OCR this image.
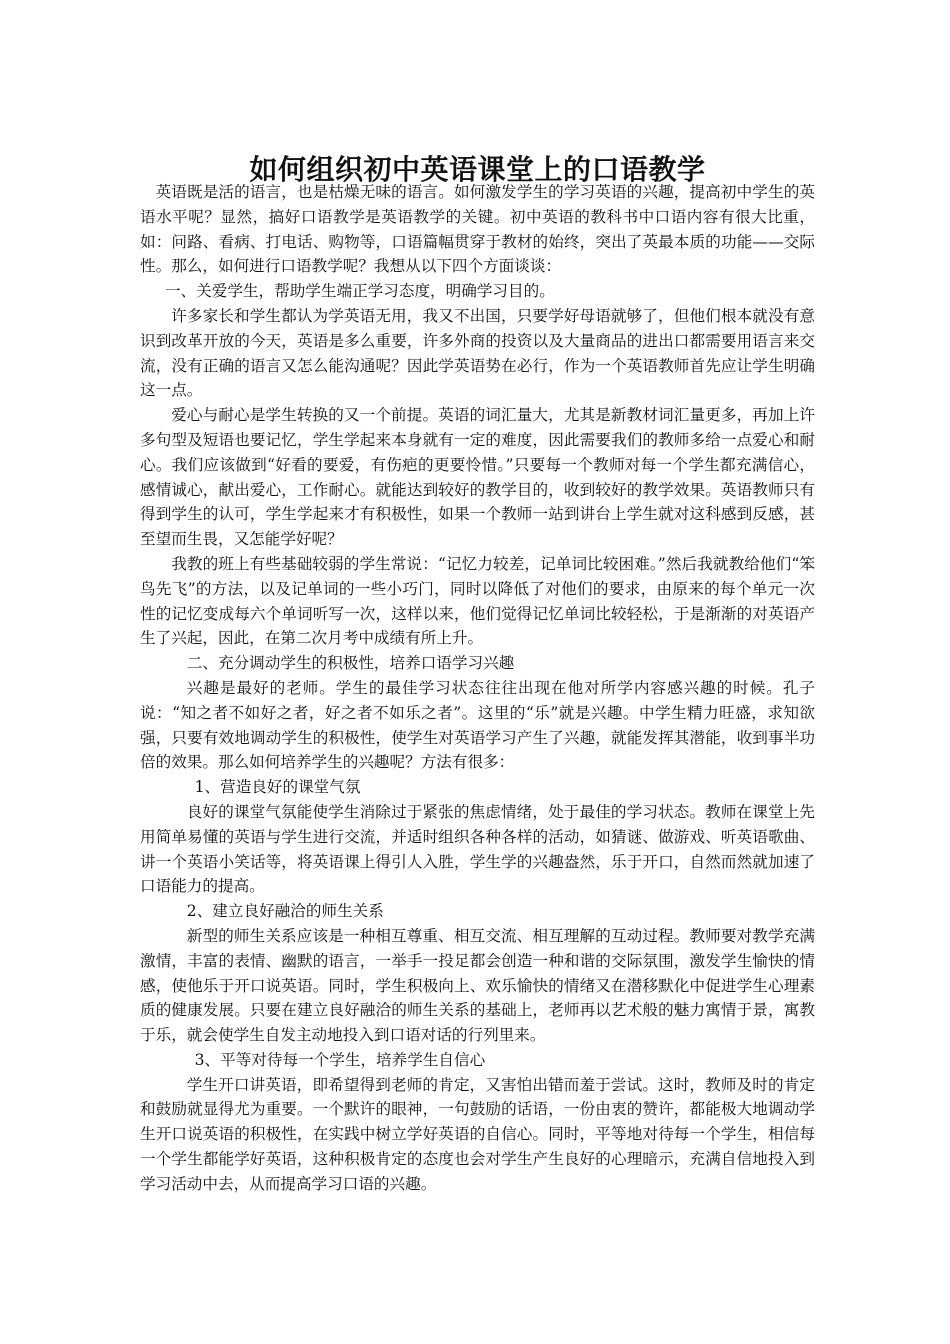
如何组织初中英语课堂上的口语教学

英语既是活的语言，也是枯燥无味的语言。如何激发学生的学习英语的兴趣，提高初中学生的英语水平呢？显然，搞好口语教学是英语教学的关键。初中英语的教科书中口语内容有很大比重，如：问路、看病、打电话、购物等，口语篇幅贯穿于教材的始终，突出了英最本质的功能——交际性。那么，如何进行口语教学呢？我想从以下四个方面谈谈：

一、关爱学生，帮助学生端正学习态度，明确学习目的。

许多家长和学生都认为学英语无用，我又不出国，只要学好母语就够了，但他们根本就没有意识到改革开放的今天，英语是多么重要，许多外商的投资以及大量商品的进出口都需要用语言来交流，没有正确的语言又怎么能沟通呢？因此学英语势在必行，作为一个英语教师首先应让学生明确这一点。

爱心与耐心是学生转换的又一个前提。英语的词汇量大，尤其是新教材词汇量更多，再加上许多句型及短语也要记忆，学生学起来本身就有一定的难度，因此需要我们的教师多给一点爱心和耐心。我们应该做到“好看的要爱，有伤疤的更要怜惜。”只要每一个教师对每一个学生都充满信心，感情诚心，献出爱心，工作耐心。就能达到较好的教学目的，收到较好的教学效果。英语教师只有得到学生的认可，学生学起来才有积极性，如果一个教师一站到讲台上学生就对这科感到反感，甚至望而生畏，又怎能学好呢？

我教的班上有些基础较弱的学生常说：“记忆力较差，记单词比较困难。”然后我就教给他们“笨鸟先飞”的方法，以及记单词的一些小巧门，同时以降低了对他们的要求，由原来的每个单元一次性的记忆变成每六个单词听写一次，这样以来，他们觉得记忆单词比较轻松，于是渐渐的对英语产生了兴起，因此，在第二次月考中成绩有所上升。

二、充分调动学生的积极性，培养口语学习兴趣

兴趣是最好的老师。学生的最佳学习状态往往出现在他对所学内容感兴趣的时候。孔子说：“知之者不如好之者，好之者不如乐之者”。这里的“乐”就是兴趣。中学生精力旺盛，求知欲强，只要有效地调动学生的积极性，使学生对英语学习产生了兴趣，就能发挥其潜能，收到事半功倍的效果。那么如何培养学生的兴趣呢？方法有很多：

1、营造良好的课堂气氛

良好的课堂气氛能使学生消除过于紧张的焦虑情绪，处于最佳的学习状态。教师在课堂上先用简单易懂的英语与学生进行交流，并适时组织各种各样的活动，如猜谜、做游戏、听英语歌曲、讲一个英语小笑话等，将英语课上得引人入胜，学生学的兴趣盎然，乐于开口，自然而然就加速了口语能力的提高。

2、建立良好融洽的师生关系

新型的师生关系应该是一种相互尊重、相互交流、相互理解的互动过程。教师要对教学充满激情，丰富的表情、幽默的语言，一举手一投足都会创造一种和谐的交际氛围，激发学生愉快的情感，使他乐于开口说英语。同时，学生积极向上、欢乐愉快的情绪又在潜移默化中促进学生心理素质的健康发展。只要在建立良好融洽的师生关系的基础上，老师再以艺术般的魅力寓情于景，寓教于乐，就会使学生自发主动地投入到口语对话的行列里来。

3、平等对待每一个学生，培养学生自信心

学生开口讲英语，即希望得到老师的肯定，又害怕出错而羞于尝试。这时，教师及时的肯定和鼓励就显得尤为重要。一个默许的眼神，一句鼓励的话语，一份由衷的赞许，都能极大地调动学生开口说英语的积极性，在实践中树立学好英语的自信心。同时，平等地对待每一个学生，相信每一个学生都能学好英语，这种积极肯定的态度也会对学生产生良好的心理暗示，充满自信地投入到学习活动中去，从而提高学习口语的兴趣。
